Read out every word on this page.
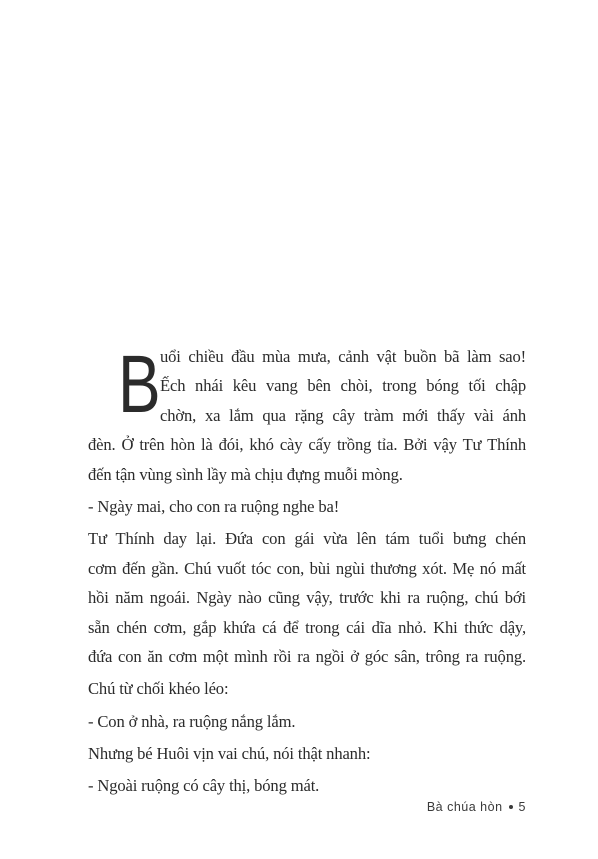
B uổi chiều đầu mùa mưa, cảnh vật buồn bã làm sao!
Ếch nhái kêu vang bên chòi, trong bóng tối chập
chờn, xa lắm qua rặng cây tràm mới thấy vài ánh
đèn. Ở trên hòn là đói, khó cày cấy trồng tỉa. Bởi vậy Tư Thính
đến tận vùng sình lầy mà chịu đựng muỗi mòng.
- Ngày mai, cho con ra ruộng nghe ba!
Tư Thính day lại. Đứa con gái vừa lên tám tuổi bưng chén
cơm đến gần. Chú vuốt tóc con, bùi ngùi thương xót. Mẹ nó mất
hồi năm ngoái. Ngày nào cũng vậy, trước khi ra ruộng, chú bới
sẵn chén cơm, gắp khứa cá để trong cái dĩa nhỏ. Khi thức dậy,
đứa con ăn cơm một mình rồi ra ngồi ở góc sân, trông ra ruộng.
Chú từ chối khéo léo:
- Con ở nhà, ra ruộng nắng lắm.
Nhưng bé Huôi vịn vai chú, nói thật nhanh:
- Ngoài ruộng có cây thị, bóng mát.
Bà chúa hòn 5
